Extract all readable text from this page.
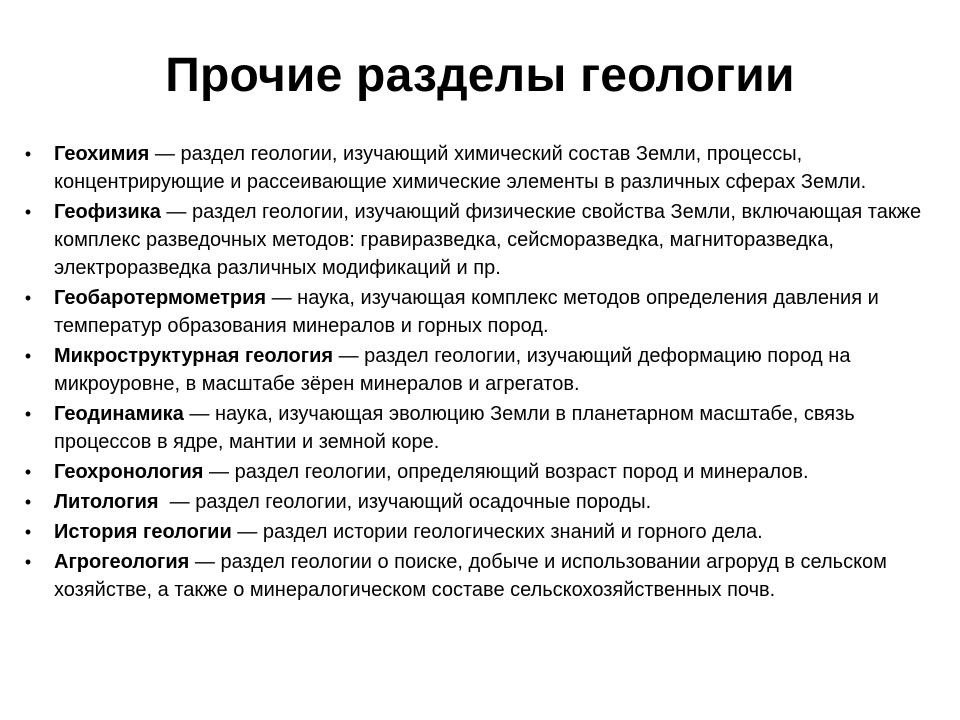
Прочие разделы геологии
•	Геохимия — раздел геологии, изучающий химический состав Земли, процессы, концентрирующие и рассеивающие химические элементы в различных сферах Земли.
•	Геофизика — раздел геологии, изучающий физические свойства Земли, включающая также комплекс разведочных методов: гравиразведка, сейсморазведка, магниторазведка, электроразведка различных модификаций и пр.
•	Геобаротермометрия — наука, изучающая комплекс методов определения давления и температур образования минералов и горных пород.
•	Микроструктурная геология — раздел геологии, изучающий деформацию пород на микроуровне, в масштабе зёрен минералов и агрегатов.
•	Геодинамика — наука, изучающая эволюцию Земли в планетарном масштабе, связь процессов в ядре, мантии и земной коре.
•	Геохронология — раздел геологии, определяющий возраст пород и минералов.
•	Литология  — раздел геологии, изучающий осадочные породы.
•	История геологии — раздел истории геологических знаний и горного дела.
•	Агрогеология — раздел геологии о поиске, добыче и использовании агроруд в сельском хозяйстве, а также о минералогическом составе сельскохозяйственных почв.
